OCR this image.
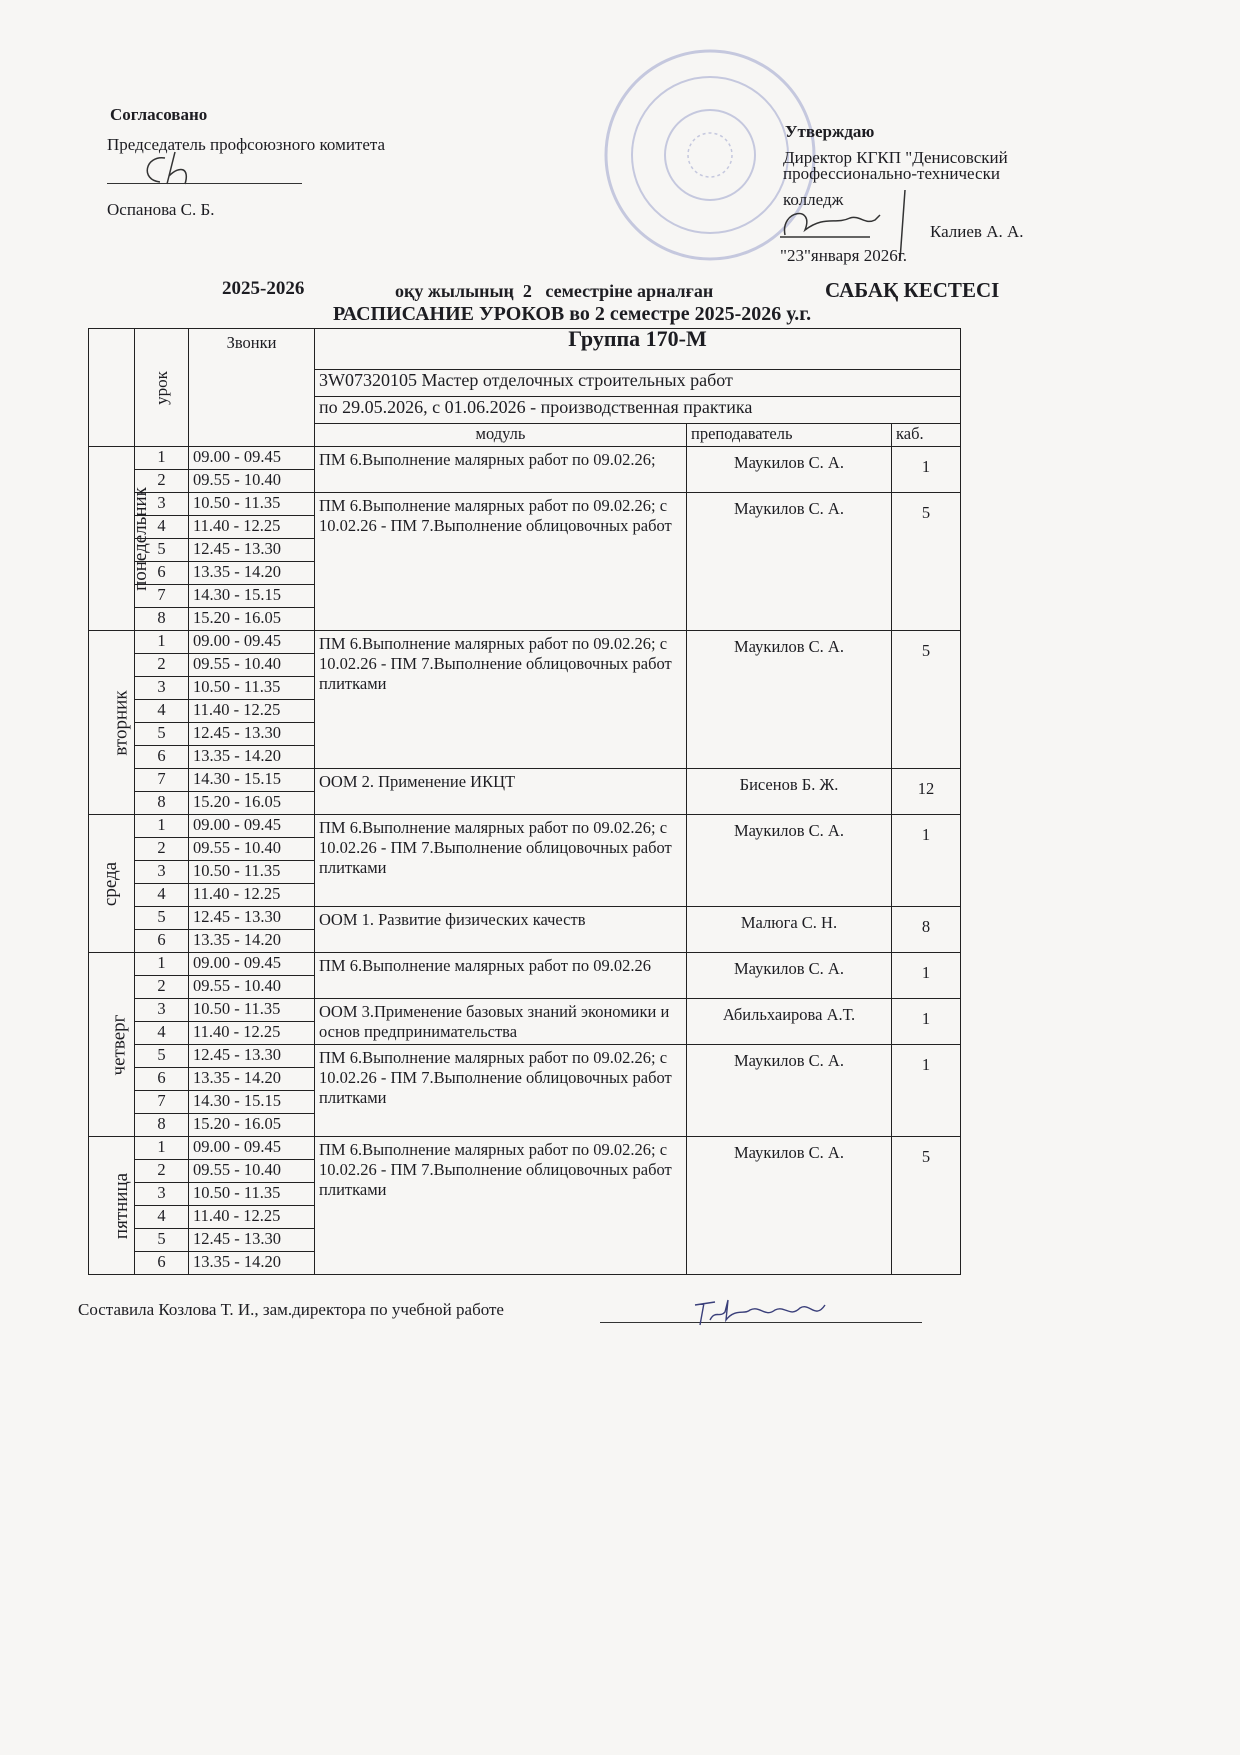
Согласовано
Председатель профсоюзного комитета
Оспанова С. Б.
Утверждаю
Директор КГКП "Денисовский
профессионально-технически
колледж
Калиев А. А.
"23"января 2026г.
2025-2026	оқу жылының  2   семестріне арналған	САБАҚ КЕСТЕСІ
РАСПИСАНИЕ УРОКОВ во 2 семестре 2025-2026 у.г.
	урок	Звонки	Группа 170-М		
			3W07320105 Мастер отделочных строительных работ		
			по 29.05.2026, с 01.06.2026 - производственная практика		
			модуль	преподаватель	каб.
понедельник	1	09.00 - 09.45	ПМ 6.Выполнение малярных работ по 09.02.26;	Маукилов С. А.	1
	2	09.55 - 10.40			
	3	10.50 - 11.35	ПМ 6.Выполнение малярных работ по 09.02.26; с 10.02.26 - ПМ 7.Выполнение облицовочных работ	Маукилов С. А.	5
	4	11.40 - 12.25			
	5	12.45 - 13.30			
	6	13.35 - 14.20			
	7	14.30 - 15.15			
	8	15.20 - 16.05			
вторник	1	09.00 - 09.45	ПМ 6.Выполнение малярных работ по 09.02.26; с 10.02.26 - ПМ 7.Выполнение облицовочных работ плитками	Маукилов С. А.	5
	2	09.55 - 10.40			
	3	10.50 - 11.35			
	4	11.40 - 12.25			
	5	12.45 - 13.30			
	6	13.35 - 14.20			
	7	14.30 - 15.15	ООМ 2. Применение ИКЦТ	Бисенов Б. Ж.	12
	8	15.20 - 16.05			
среда	1	09.00 - 09.45	ПМ 6.Выполнение малярных работ по 09.02.26; с 10.02.26 - ПМ 7.Выполнение облицовочных работ плитками	Маукилов С. А.	1
	2	09.55 - 10.40			
	3	10.50 - 11.35			
	4	11.40 - 12.25			
	5	12.45 - 13.30	ООМ 1. Развитие физических качеств	Малюга С. Н.	8
	6	13.35 - 14.20			
четверг	1	09.00 - 09.45	ПМ 6.Выполнение малярных работ по 09.02.26	Маукилов С. А.	1
	2	09.55 - 10.40			
	3	10.50 - 11.35	ООМ 3.Применение базовых знаний экономики и основ предпринимательства	Абильхаирова А.Т.	1
	4	11.40 - 12.25			
	5	12.45 - 13.30	ПМ 6.Выполнение малярных работ по 09.02.26; с 10.02.26 - ПМ 7.Выполнение облицовочных работ плитками	Маукилов С. А.	1
	6	13.35 - 14.20			
	7	14.30 - 15.15			
	8	15.20 - 16.05			
пятница	1	09.00 - 09.45	ПМ 6.Выполнение малярных работ по 09.02.26; с 10.02.26 - ПМ 7.Выполнение облицовочных работ плитками	Маукилов С. А.	5
	2	09.55 - 10.40			
	3	10.50 - 11.35			
	4	11.40 - 12.25			
	5	12.45 - 13.30			
	6	13.35 - 14.20			
Составила Козлова Т. И., зам.директора по учебной работе
